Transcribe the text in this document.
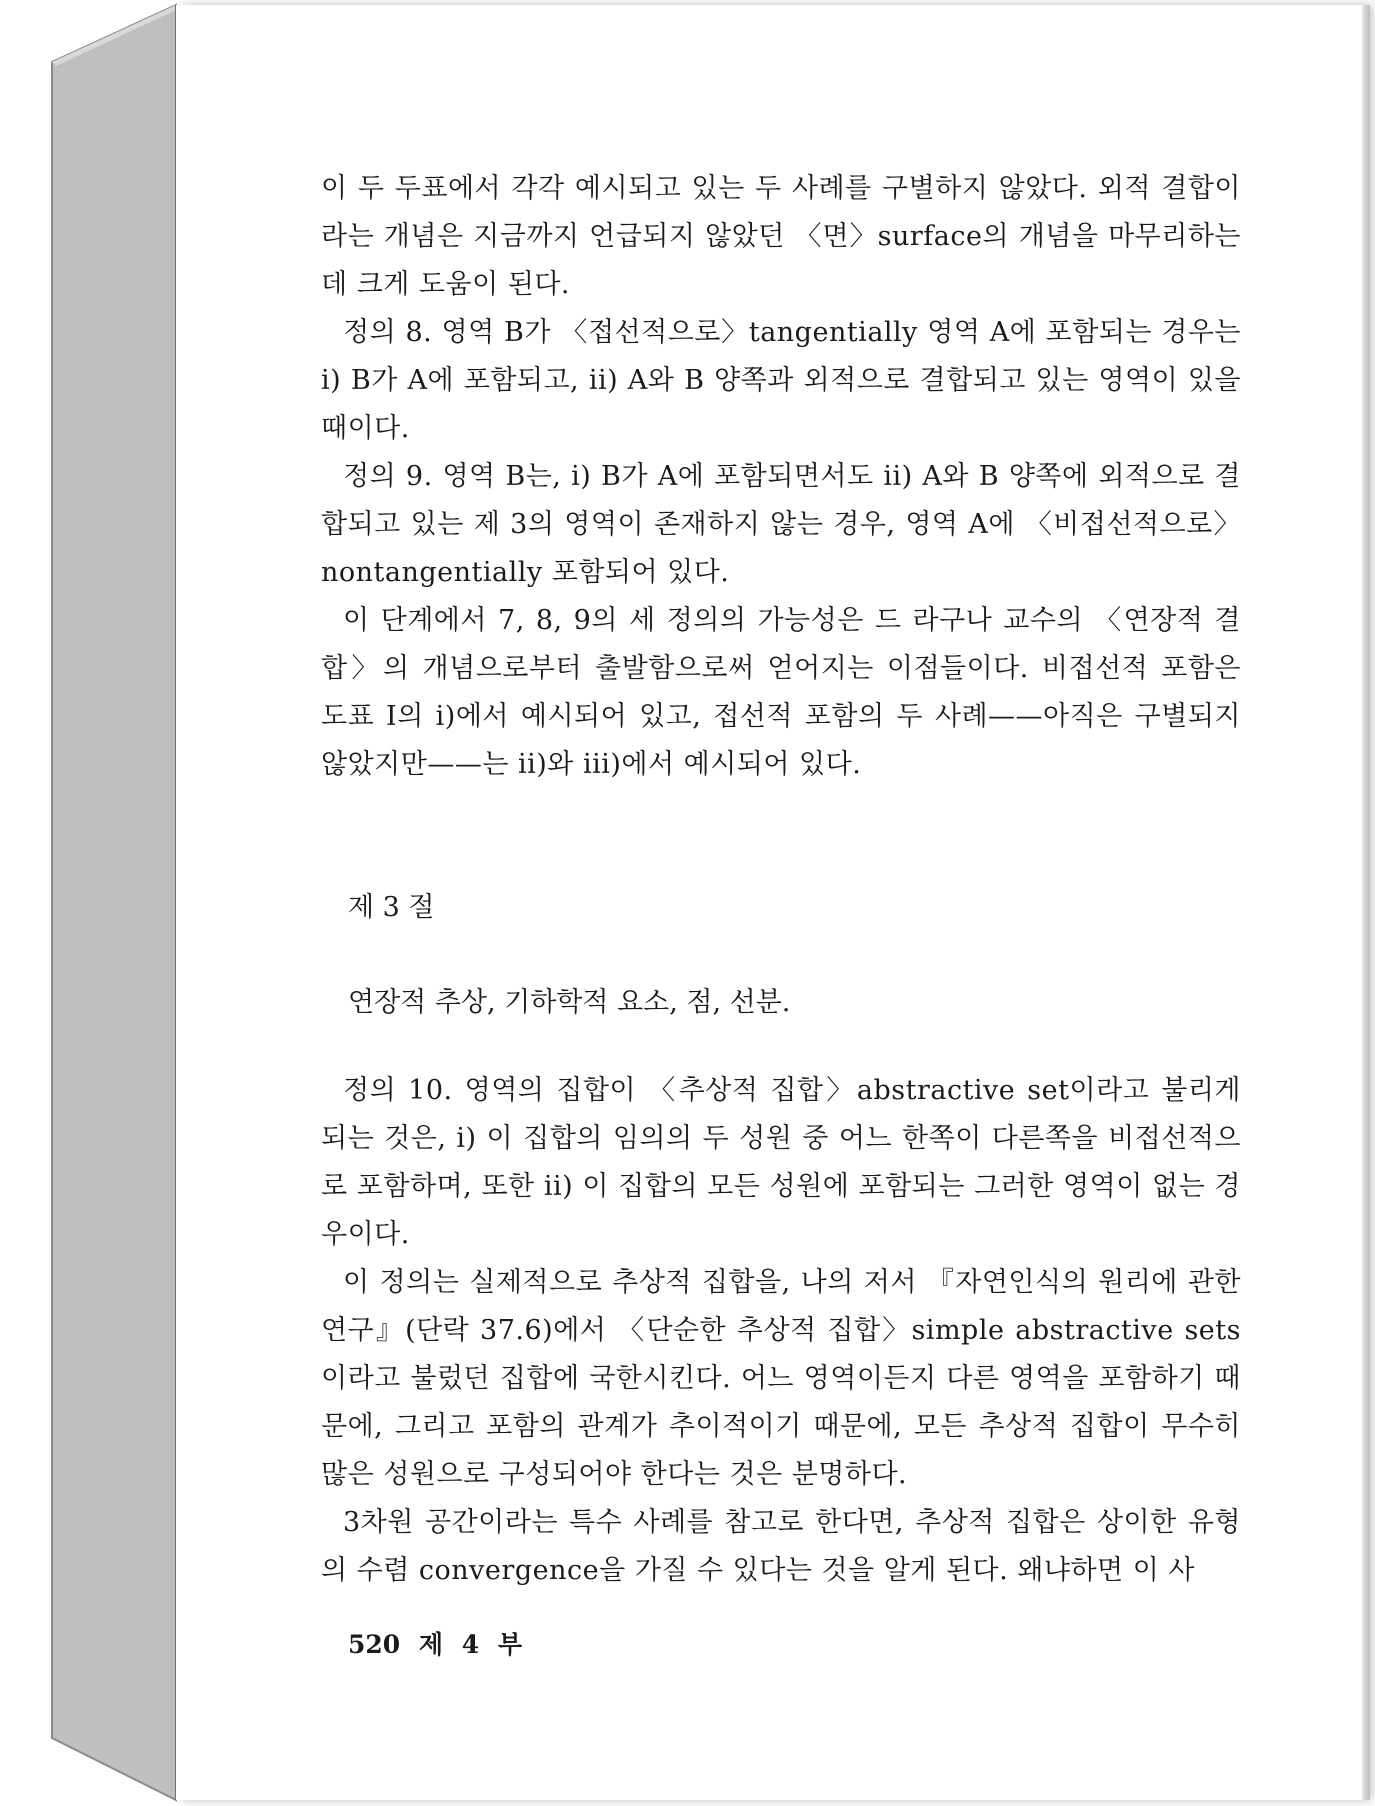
이 두 두표에서 각각 예시되고 있는 두 사례를 구별하지 않았다. 외적 결합이라는 개념은 지금까지 언급되지 않았던 〈면〉surface의 개념을 마무리하는 데 크게 도움이 된다.

정의 8. 영역 B가 〈접선적으로〉tangentially 영역 A에 포함되는 경우는 i) B가 A에 포함되고, ii) A와 B 양쪽과 외적으로 결합되고 있는 영역이 있을 때이다.

정의 9. 영역 B는, i) B가 A에 포함되면서도 ii) A와 B 양쪽에 외적으로 결합되고 있는 제 3의 영역이 존재하지 않는 경우, 영역 A에 〈비접선적으로〉nontangentially 포함되어 있다.

이 단계에서 7, 8, 9의 세 정의의 가능성은 드 라구나 교수의 〈연장적 결합〉의 개념으로부터 출발함으로써 얻어지는 이점들이다. 비접선적 포함은 도표 I의 i)에서 예시되어 있고, 접선적 포함의 두 사례——아직은 구별되지 않았지만——는 ii)와 iii)에서 예시되어 있다.

제 3 절
연장적 추상, 기하학적 요소, 점, 선분.

정의 10. 영역의 집합이 〈추상적 집합〉abstractive set이라고 불리게 되는 것은, i) 이 집합의 임의의 두 성원 중 어느 한쪽이 다른쪽을 비접선적으로 포함하며, 또한 ii) 이 집합의 모든 성원에 포함되는 그러한 영역이 없는 경우이다.

이 정의는 실제적으로 추상적 집합을, 나의 저서 『자연인식의 원리에 관한 연구』(단락 37.6)에서 〈단순한 추상적 집합〉simple abstractive sets이라고 불렀던 집합에 국한시킨다. 어느 영역이든지 다른 영역을 포함하기 때문에, 그리고 포함의 관계가 추이적이기 때문에, 모든 추상적 집합이 무수히 많은 성원으로 구성되어야 한다는 것은 분명하다.

3차원 공간이라는 특수 사례를 참고로 한다면, 추상적 집합은 상이한 유형의 수렴 convergence을 가질 수 있다는 것을 알게 된다. 왜냐하면 이 사

520 제 4 부
